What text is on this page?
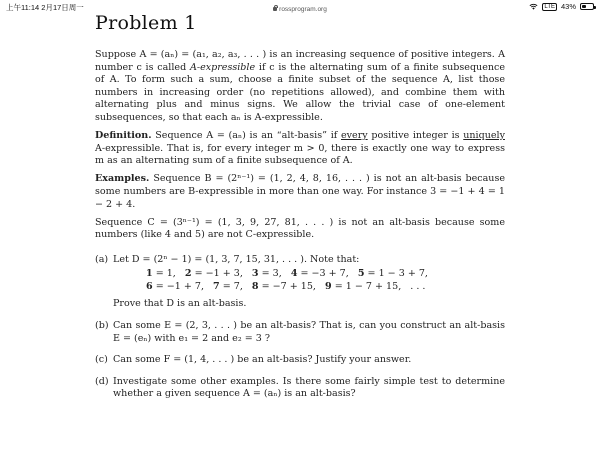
上午11:14 2月17日周一	rossprogram.org	LTE 43%
Problem 1

Suppose A = (aₙ) = (a₁, a₂, a₃, . . . ) is an increasing sequence of positive integers. A number c is called A-expressible if c is the alternating sum of a finite subsequence of A. To form such a sum, choose a finite subset of the sequence A, list those numbers in increasing order (no repetitions allowed), and combine them with alternating plus and minus signs. We allow the trivial case of one-element subsequences, so that each aₙ is A-expressible.

Definition. Sequence A = (aₙ) is an “alt-basis” if every positive integer is uniquely A-expressible. That is, for every integer m > 0, there is exactly one way to express m as an alternating sum of a finite subsequence of A.

Examples. Sequence B = (2ⁿ⁻¹) = (1, 2, 4, 8, 16, . . . ) is not an alt-basis because some numbers are B-expressible in more than one way. For instance 3 = −1 + 4 = 1 − 2 + 4.

Sequence C = (3ⁿ⁻¹) = (1, 3, 9, 27, 81, . . . ) is not an alt-basis because some numbers (like 4 and 5) are not C-expressible.

(a) Let D = (2ⁿ − 1) = (1, 3, 7, 15, 31, . . . ). Note that:
1 = 1, 2 = −1 + 3, 3 = 3, 4 = −3 + 7, 5 = 1 − 3 + 7,
6 = −1 + 7, 7 = 7, 8 = −7 + 15, 9 = 1 − 7 + 15, . . .
Prove that D is an alt-basis.
(b) Can some E = (2, 3, . . . ) be an alt-basis? That is, can you construct an alt-basis E = (eₙ) with e₁ = 2 and e₂ = 3 ?
(c) Can some F = (1, 4, . . . ) be an alt-basis? Justify your answer.
(d) Investigate some other examples. Is there some fairly simple test to determine whether a given sequence A = (aₙ) is an alt-basis?
